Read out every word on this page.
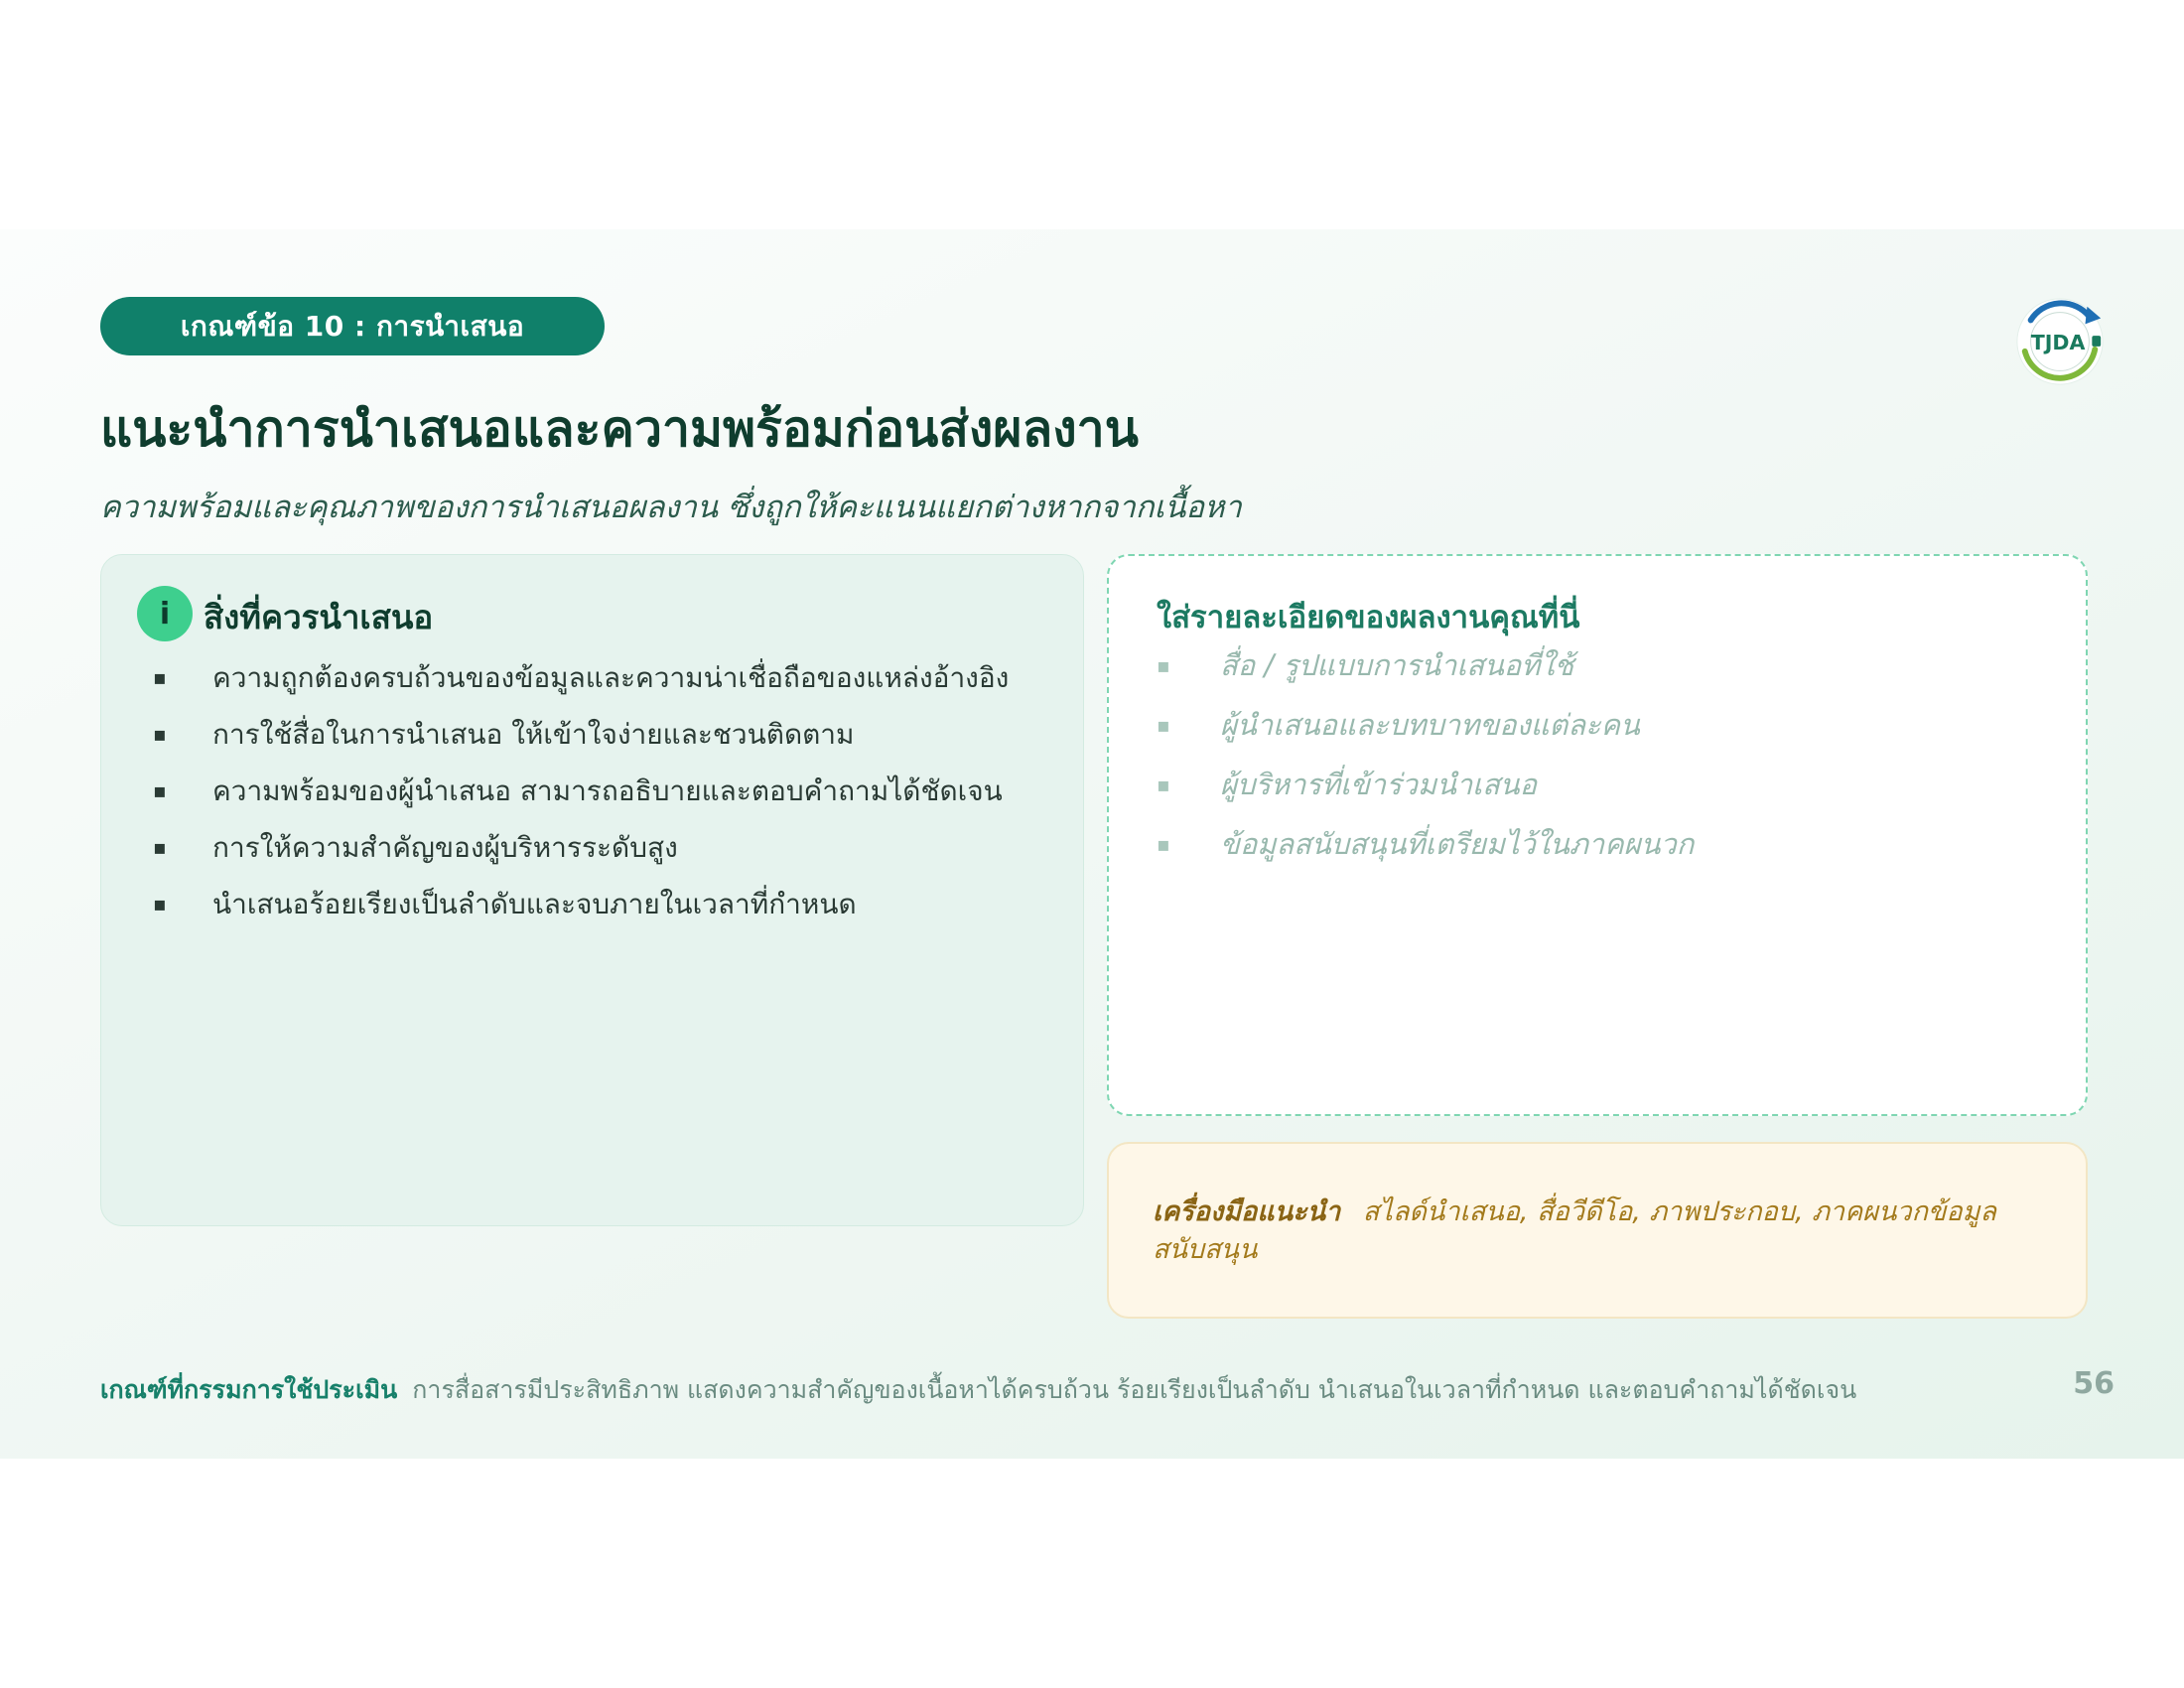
เกณฑ์ข้อ 10 : การนำเสนอ
TJDA
แนะนำการนำเสนอและความพร้อมก่อนส่งผลงาน

ความพร้อมและคุณภาพของการนำเสนอผลงาน ซึ่งถูกให้คะแนนแยกต่างหากจากเนื้อหา

i สิ่งที่ควรนำเสนอ
▪ ความถูกต้องครบถ้วนของข้อมูลและความน่าเชื่อถือของแหล่งอ้างอิง
▪ การใช้สื่อในการนำเสนอ ให้เข้าใจง่ายและชวนติดตาม
▪ ความพร้อมของผู้นำเสนอ สามารถอธิบายและตอบคำถามได้ชัดเจน
▪ การให้ความสำคัญของผู้บริหารระดับสูง
▪ นำเสนอร้อยเรียงเป็นลำดับและจบภายในเวลาที่กำหนด
ใส่รายละเอียดของผลงานคุณที่นี่
▪ สื่อ / รูปแบบการนำเสนอที่ใช้
▪ ผู้นำเสนอและบทบาทของแต่ละคน
▪ ผู้บริหารที่เข้าร่วมนำเสนอ
▪ ข้อมูลสนับสนุนที่เตรียมไว้ในภาคผนวก
เครื่องมือแนะนำ สไลด์นำเสนอ, สื่อวีดีโอ, ภาพประกอบ, ภาคผนวกข้อมูลสนับสนุน
เกณฑ์ที่กรรมการใช้ประเมิน การสื่อสารมีประสิทธิภาพ แสดงความสำคัญของเนื้อหาได้ครบถ้วน ร้อยเรียงเป็นลำดับ นำเสนอในเวลาที่กำหนด และตอบคำถามได้ชัดเจน	56
